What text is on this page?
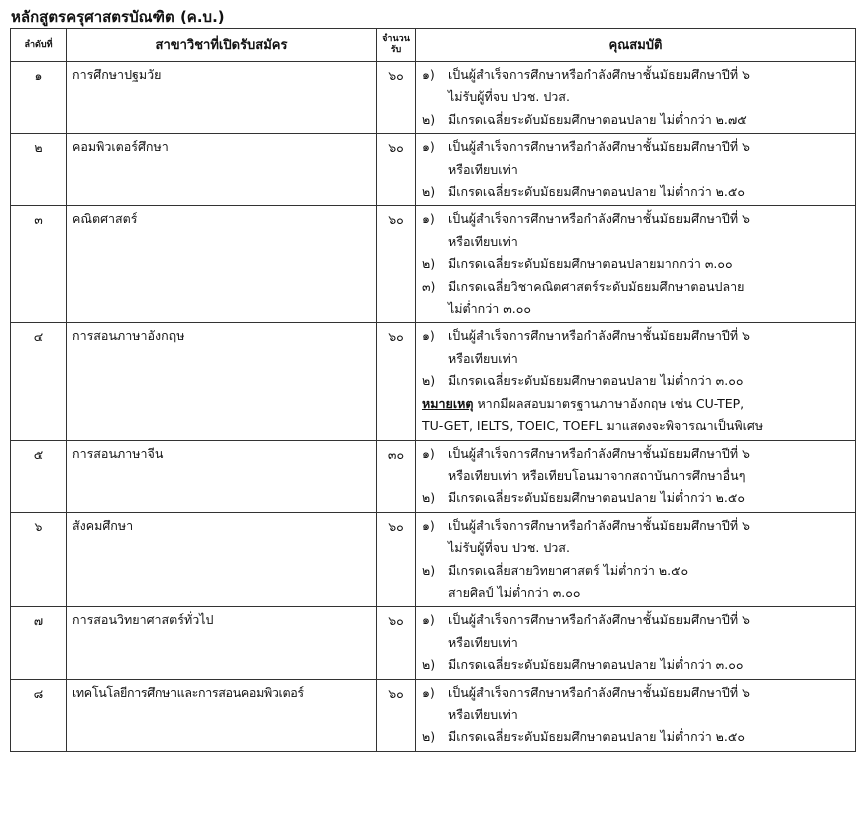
หลักสูตรครุศาสตรบัณฑิต (ค.บ.)
ลำดับที่	สาขาวิชาที่เปิดรับสมัคร	จำนวน
รับ	คุณสมบัติ
๑	การศึกษาปฐมวัย	๖๐	๑) เป็นผู้สำเร็จการศึกษาหรือกำลังศึกษาชั้นมัธยมศึกษาปีที่ ๖
ไม่รับผู้ที่จบ ปวช. ปวส.
๒) มีเกรดเฉลี่ยระดับมัธยมศึกษาตอนปลาย ไม่ต่ำกว่า ๒.๗๕

๒	คอมพิวเตอร์ศึกษา	๖๐	๑) เป็นผู้สำเร็จการศึกษาหรือกำลังศึกษาชั้นมัธยมศึกษาปีที่ ๖
หรือเทียบเท่า
๒) มีเกรดเฉลี่ยระดับมัธยมศึกษาตอนปลาย ไม่ต่ำกว่า ๒.๕๐

๓	คณิตศาสตร์	๖๐	๑) เป็นผู้สำเร็จการศึกษาหรือกำลังศึกษาชั้นมัธยมศึกษาปีที่ ๖
หรือเทียบเท่า
๒) มีเกรดเฉลี่ยระดับมัธยมศึกษาตอนปลายมากกว่า ๓.๐๐
๓) มีเกรดเฉลี่ยวิชาคณิตศาสตร์ระดับมัธยมศึกษาตอนปลาย
ไม่ต่ำกว่า ๓.๐๐

๔	การสอนภาษาอังกฤษ	๖๐	๑) เป็นผู้สำเร็จการศึกษาหรือกำลังศึกษาชั้นมัธยมศึกษาปีที่ ๖
หรือเทียบเท่า
๒) มีเกรดเฉลี่ยระดับมัธยมศึกษาตอนปลาย ไม่ต่ำกว่า ๓.๐๐
หมายเหตุ หากมีผลสอบมาตรฐานภาษาอังกฤษ เช่น CU-TEP,
TU-GET, IELTS, TOEIC, TOEFL มาแสดงจะพิจารณาเป็นพิเศษ

๕	การสอนภาษาจีน	๓๐	๑) เป็นผู้สำเร็จการศึกษาหรือกำลังศึกษาชั้นมัธยมศึกษาปีที่ ๖
หรือเทียบเท่า หรือเทียบโอนมาจากสถาบันการศึกษาอื่นๆ
๒) มีเกรดเฉลี่ยระดับมัธยมศึกษาตอนปลาย ไม่ต่ำกว่า ๒.๕๐

๖	สังคมศึกษา	๖๐	๑) เป็นผู้สำเร็จการศึกษาหรือกำลังศึกษาชั้นมัธยมศึกษาปีที่ ๖
ไม่รับผู้ที่จบ ปวช. ปวส.
๒) มีเกรดเฉลี่ยสายวิทยาศาสตร์ ไม่ต่ำกว่า ๒.๕๐
สายศิลป์ ไม่ต่ำกว่า ๓.๐๐

๗	การสอนวิทยาศาสตร์ทั่วไป	๖๐	๑) เป็นผู้สำเร็จการศึกษาหรือกำลังศึกษาชั้นมัธยมศึกษาปีที่ ๖
หรือเทียบเท่า
๒) มีเกรดเฉลี่ยระดับมัธยมศึกษาตอนปลาย ไม่ต่ำกว่า ๓.๐๐

๘	เทคโนโลยีการศึกษาและการสอนคอมพิวเตอร์	๖๐	๑) เป็นผู้สำเร็จการศึกษาหรือกำลังศึกษาชั้นมัธยมศึกษาปีที่ ๖
หรือเทียบเท่า
๒) มีเกรดเฉลี่ยระดับมัธยมศึกษาตอนปลาย ไม่ต่ำกว่า ๒.๕๐
